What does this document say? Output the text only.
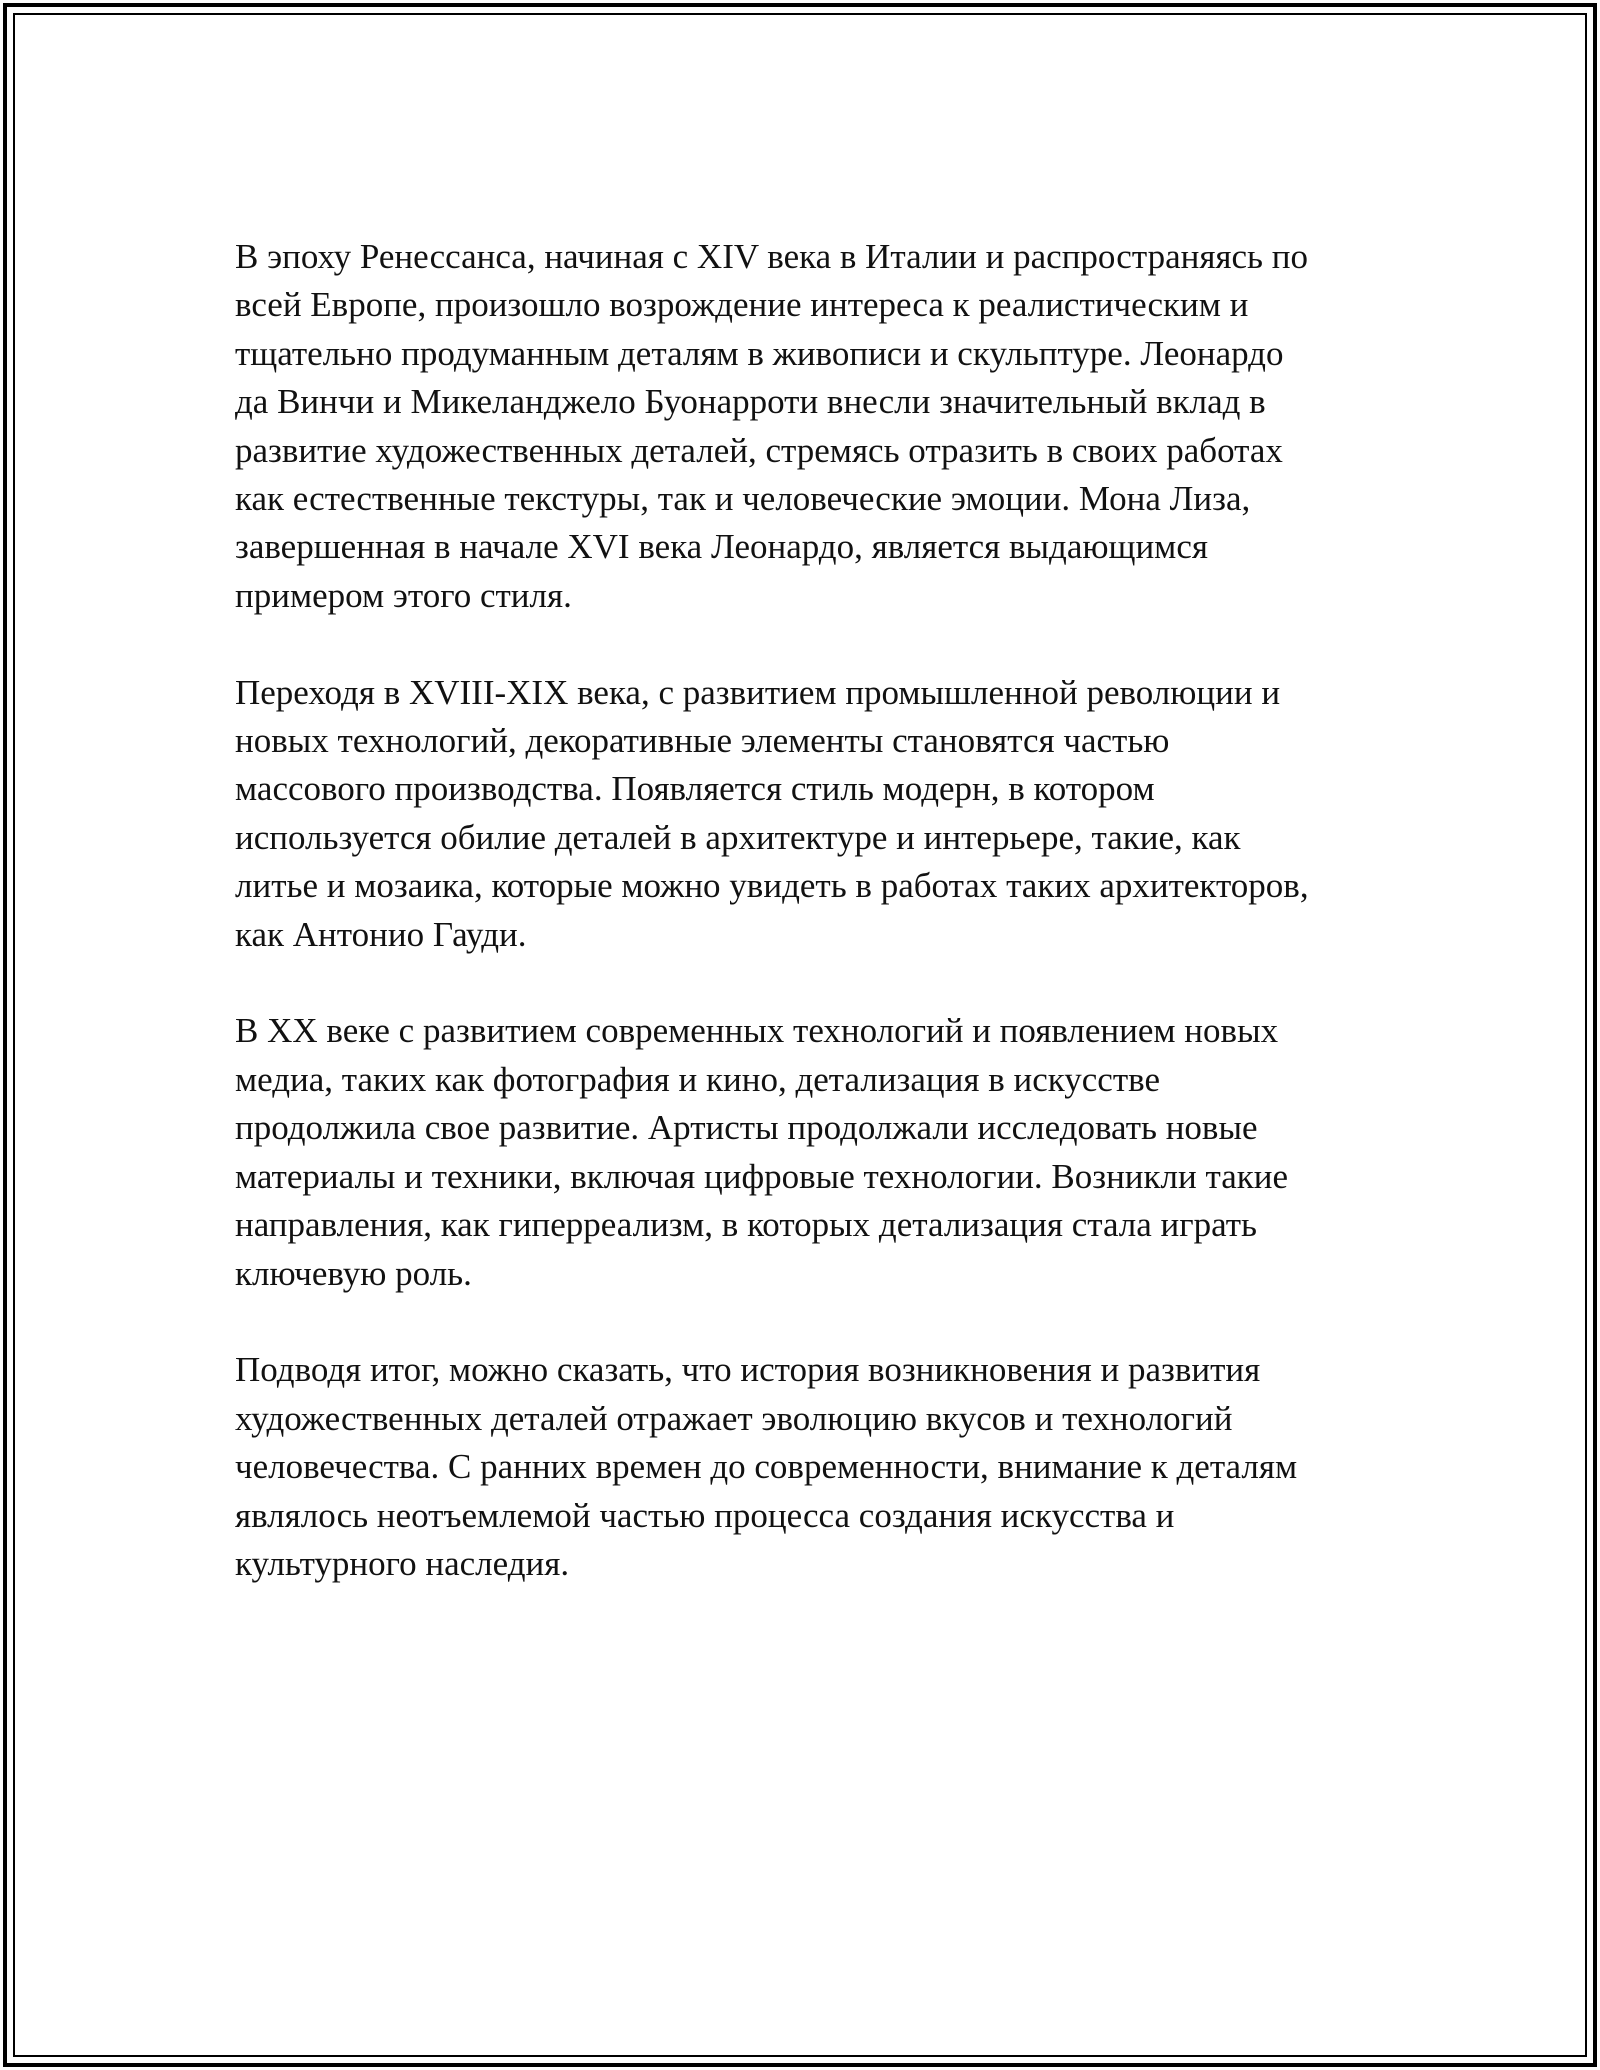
В эпоху Ренессанса, начиная с XIV века в Италии и распространяясь по
всей Европе, произошло возрождение интереса к реалистическим и
тщательно продуманным деталям в живописи и скульптуре. Леонардо
да Винчи и Микеланджело Буонарроти внесли значительный вклад в
развитие художественных деталей, стремясь отразить в своих работах
как естественные текстуры, так и человеческие эмоции. Мона Лиза,
завершенная в начале XVI века Леонардо, является выдающимся
примером этого стиля.

Переходя в XVIII-XIX века, с развитием промышленной революции и
новых технологий, декоративные элементы становятся частью
массового производства. Появляется стиль модерн, в котором
используется обилие деталей в архитектуре и интерьере, такие, как
литье и мозаика, которые можно увидеть в работах таких архитекторов,
как Антонио Гауди.

В XX веке с развитием современных технологий и появлением новых
медиа, таких как фотография и кино, детализация в искусстве
продолжила свое развитие. Артисты продолжали исследовать новые
материалы и техники, включая цифровые технологии. Возникли такие
направления, как гиперреализм, в которых детализация стала играть
ключевую роль.

Подводя итог, можно сказать, что история возникновения и развития
художественных деталей отражает эволюцию вкусов и технологий
человечества. С ранних времен до современности, внимание к деталям
являлось неотъемлемой частью процесса создания искусства и
культурного наследия.
